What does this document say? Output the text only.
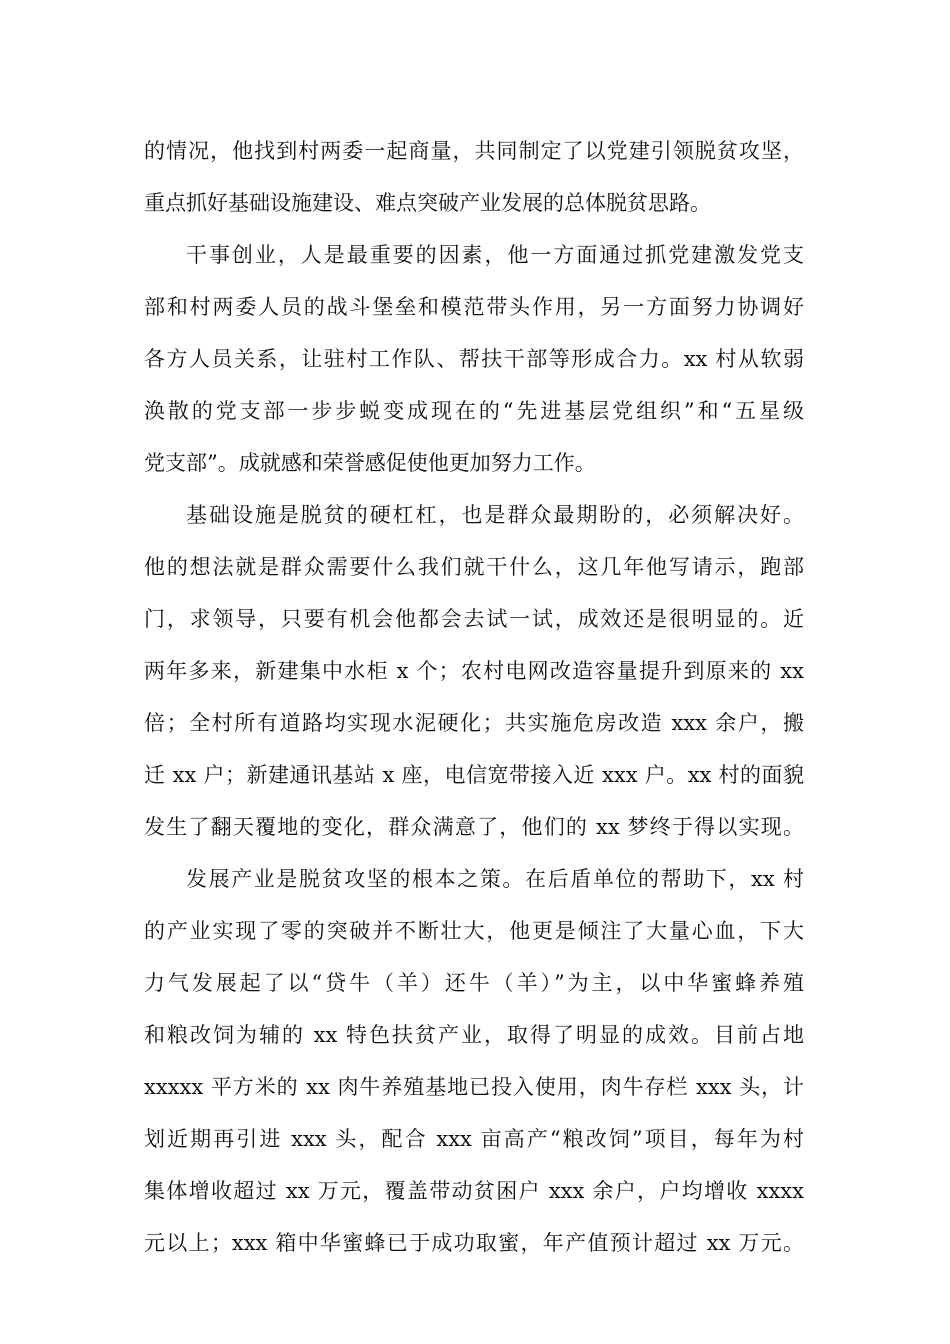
的情况，他找到村两委一起商量，共同制定了以党建引领脱贫攻坚，
重点抓好基础设施建设、难点突破产业发展的总体脱贫思路。
干事创业，人是最重要的因素，他一方面通过抓党建激发党支
部和村两委人员的战斗堡垒和模范带头作用，另一方面努力协调好
各方人员关系，让驻村工作队、帮扶干部等形成合力。xx 村从软弱
涣散的党支部一步步蜕变成现在的“先进基层党组织”和“五星级
党支部”。成就感和荣誉感促使他更加努力工作。
基础设施是脱贫的硬杠杠，也是群众最期盼的，必须解决好。
他的想法就是群众需要什么我们就干什么，这几年他写请示，跑部
门，求领导，只要有机会他都会去试一试，成效还是很明显的。近
两年多来，新建集中水柜 x 个；农村电网改造容量提升到原来的 xx
倍；全村所有道路均实现水泥硬化；共实施危房改造 xxx 余户，搬
迁 xx 户；新建通讯基站 x 座，电信宽带接入近 xxx 户。xx 村的面貌
发生了翻天覆地的变化，群众满意了，他们的 xx 梦终于得以实现。
发展产业是脱贫攻坚的根本之策。在后盾单位的帮助下，xx 村
的产业实现了零的突破并不断壮大，他更是倾注了大量心血，下大
力气发展起了以“贷牛（羊）还牛（羊）”为主，以中华蜜蜂养殖
和粮改饲为辅的 xx 特色扶贫产业，取得了明显的成效。目前占地
xxxxx 平方米的 xx 肉牛养殖基地已投入使用，肉牛存栏 xxx 头，计
划近期再引进 xxx 头，配合 xxx 亩高产“粮改饲”项目，每年为村
集体增收超过 xx 万元，覆盖带动贫困户 xxx 余户，户均增收 xxxx
元以上；xxx 箱中华蜜蜂已于成功取蜜，年产值预计超过 xx 万元。
